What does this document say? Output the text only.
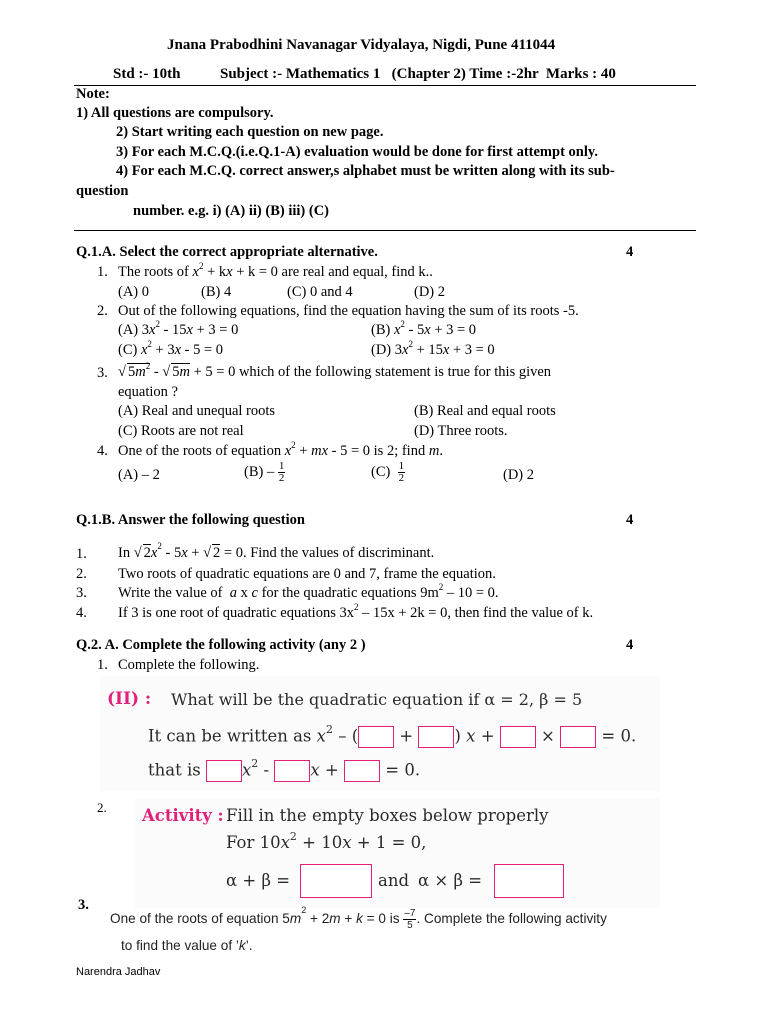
Jnana Prabodhini Navanagar Vidyalaya, Nigdi, Pune 411044
Std :- 10th	Subject :- Mathematics 1   (Chapter 2) Time :-2hr  Marks : 40
Note:
1) All questions are compulsory.
2) Start writing each question on new page.
3) For each M.C.Q.(i.e.Q.1-A) evaluation would be done for first attempt only.
4) For each M.C.Q. correct answer,s alphabet must be written along with its sub-
question
number. e.g. i) (A) ii) (B) iii) (C)
Q.1.A. Select the correct appropriate alternative.	4
1. The roots of $x^2$ + kx + k = 0 are real and equal, find k..
(A) 0	(B) 4	(C) 0 and 4	(D) 2
2. Out of the following equations, find the equation having the sum of its roots -5.
(A) $3x^2 - 15x + 3 = 0$	(B) $x^2 - 5x + 3 = 0$
(C) $x^2 + 3x - 5 = 0$	(D) $3x^2 + 15x + 3 = 0$
3. √ $5m^2$ - √ 5m + 5 = 0 which of the following statement is true for this given
equation ?
(A) Real and unequal roots	(B) Real and equal roots
(C) Roots are not real	(D) Three roots.
4. One of the roots of equation $x^2$ + mx - 5 = 0 is 2; find m.
(A) – 2	$(B) - \frac{1}{2}$	$(C) \frac{1}{2}$	(D) 2
Q.1.B. Answer the following question	4
1. In √ $2x^2 - 5x$ + √ 2 = 0. Find the values of discriminant.
2. Two roots of quadratic equations are 0 and 7, frame the equation.
3. Write the value of  a x c for the quadratic equations $9m^2 - 10 = 0$.
4. If 3 is one root of quadratic equations $3x^2 - 15x + 2k = 0$, then find the value of k.
Q.2. A. Complete the following activity (any 2 )	4
1. Complete the following.
(II) : What will be the quadratic equation if α = 2, β = 5
It can be written as $x^2$ – ( + ) x +  ×  = 0.
that is	$x^2$ - x +  = 0.
2. Activity : Fill in the empty boxes below properly
For $10x^2 + 10x + 1 = 0$,
α + β =	and α × β =
3.
One of the roots of equation $5m^2 + 2m + k = 0$ is $\frac{-7}{5}$ . Complete the following activity
to find the value of ’k’.
Narendra Jadhav
